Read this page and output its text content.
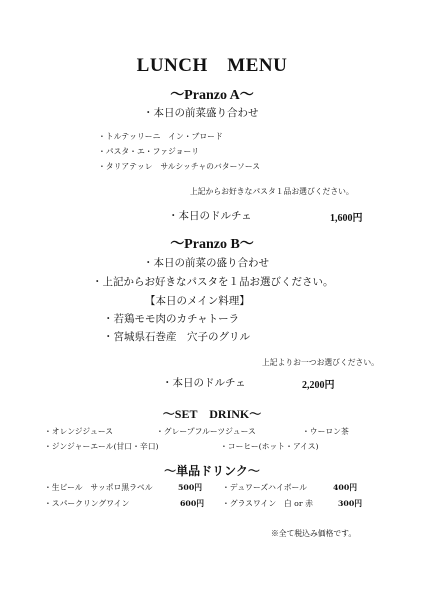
LUNCH　MENU
～Pranzo A～
・本日の前菜盛り合わせ
・トルテッリーニ　イン・ブロード
・パスタ・エ・ファジョーリ
・タリアテッレ　サルシッチャのバターソース
上記からお好きなパスタ１品お選びください。
・本日のドルチェ	1,600円
～Pranzo B～
・本日の前菜の盛り合わせ
・上記からお好きなパスタを１品お選びください。
【本日のメイン料理】
・若鶏モモ肉のカチャトーラ
・宮城県石巻産　穴子のグリル
上記よりお一つお選びください。
・本日のドルチェ	2,200円
～SET　DRINK～
・オレンジジュース	・グレープフルーツジュース	・ウーロン茶
・ジンジャーエール(甘口・辛口)	・コーヒー(ホット・アイス)
～単品ドリンク～
・生ビール　サッポロ黒ラベル	500円	・デュワーズハイボール	400円
・スパークリングワイン	600円 ・グラスワイン　白 or 赤	300円
※全て税込み価格です。
